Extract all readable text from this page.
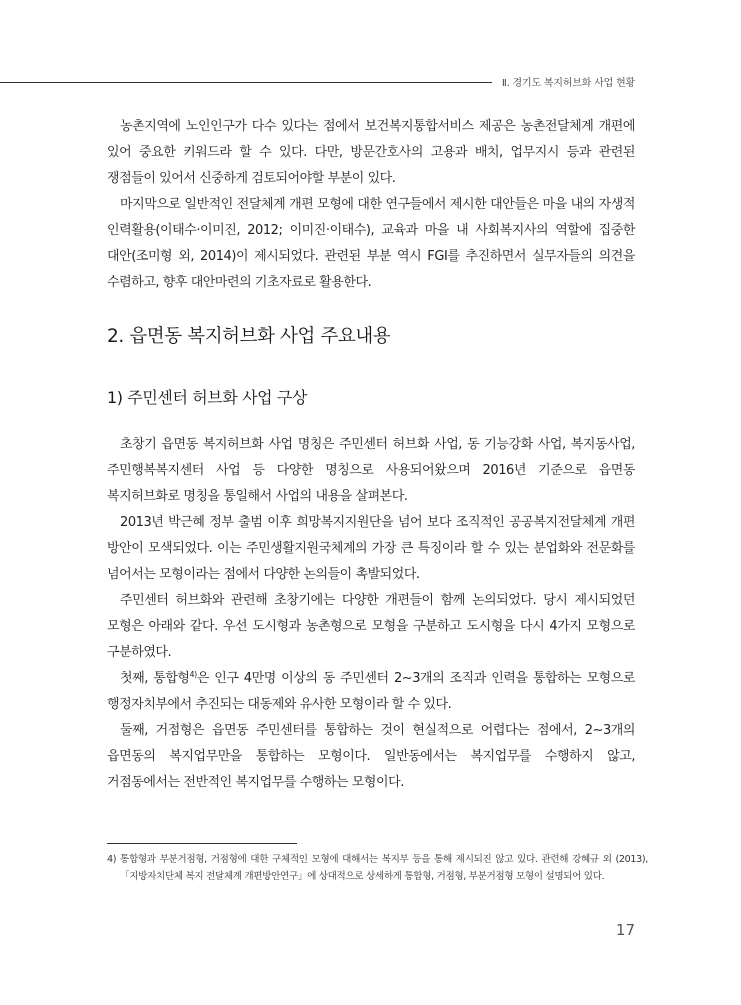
Ⅱ. 경기도 복지허브화 사업 현황

농촌지역에 노인인구가 다수 있다는 점에서 보건복지통합서비스 제공은 농촌전달체계 개편에 있어 중요한 키워드라 할 수 있다. 다만, 방문간호사의 고용과 배치, 업무지시 등과 관련된 쟁점들이 있어서 신중하게 검토되어야할 부분이 있다.

마지막으로 일반적인 전달체계 개편 모형에 대한 연구들에서 제시한 대안들은 마을 내의 자생적 인력활용(이태수·이미진, 2012; 이미진·이태수), 교육과 마을 내 사회복지사의 역할에 집중한 대안(조미형 외, 2014)이 제시되었다. 관련된 부분 역시 FGI를 추진하면서 실무자들의 의견을 수렴하고, 향후 대안마련의 기초자료로 활용한다.

2. 읍면동 복지허브화 사업 주요내용
1) 주민센터 허브화 사업 구상

초창기 읍면동 복지허브화 사업 명칭은 주민센터 허브화 사업, 동 기능강화 사업, 복지동사업, 주민행복복지센터 사업 등 다양한 명칭으로 사용되어왔으며 2016년 기준으로 읍면동 복지허브화로 명칭을 통일해서 사업의 내용을 살펴본다.

2013년 박근혜 정부 출범 이후 희망복지지원단을 넘어 보다 조직적인 공공복지전달체계 개편 방안이 모색되었다. 이는 주민생활지원국체계의 가장 큰 특징이라 할 수 있는 분업화와 전문화를 넘어서는 모형이라는 점에서 다양한 논의들이 촉발되었다.

주민센터 허브화와 관련해 초창기에는 다양한 개편들이 함께 논의되었다. 당시 제시되었던 모형은 아래와 같다. 우선 도시형과 농촌형으로 모형을 구분하고 도시형을 다시 4가지 모형으로 구분하였다.

첫째, 통합형$^{4)}$은 인구 4만명 이상의 동 주민센터 2∼3개의 조직과 인력을 통합하는 모형으로 행정자치부에서 추진되는 대동제와 유사한 모형이라 할 수 있다.

둘째, 거점형은 읍면동 주민센터를 통합하는 것이 현실적으로 어렵다는 점에서, 2∼3개의 읍면동의 복지업무만을 통합하는 모형이다. 일반동에서는 복지업무를 수행하지 않고, 거점동에서는 전반적인 복지업무를 수행하는 모형이다.

4) 통합형과 부분거점형, 거점형에 대한 구체적인 모형에 대해서는 복지부 등을 통해 제시되진 않고 있다. 관련해 강혜규 외 (2013), 「지방자치단체 복지 전달체계 개편방안연구」에 상대적으로 상세하게 통합형, 거점형, 부분거점형 모형이 설명되어 있다.
17
